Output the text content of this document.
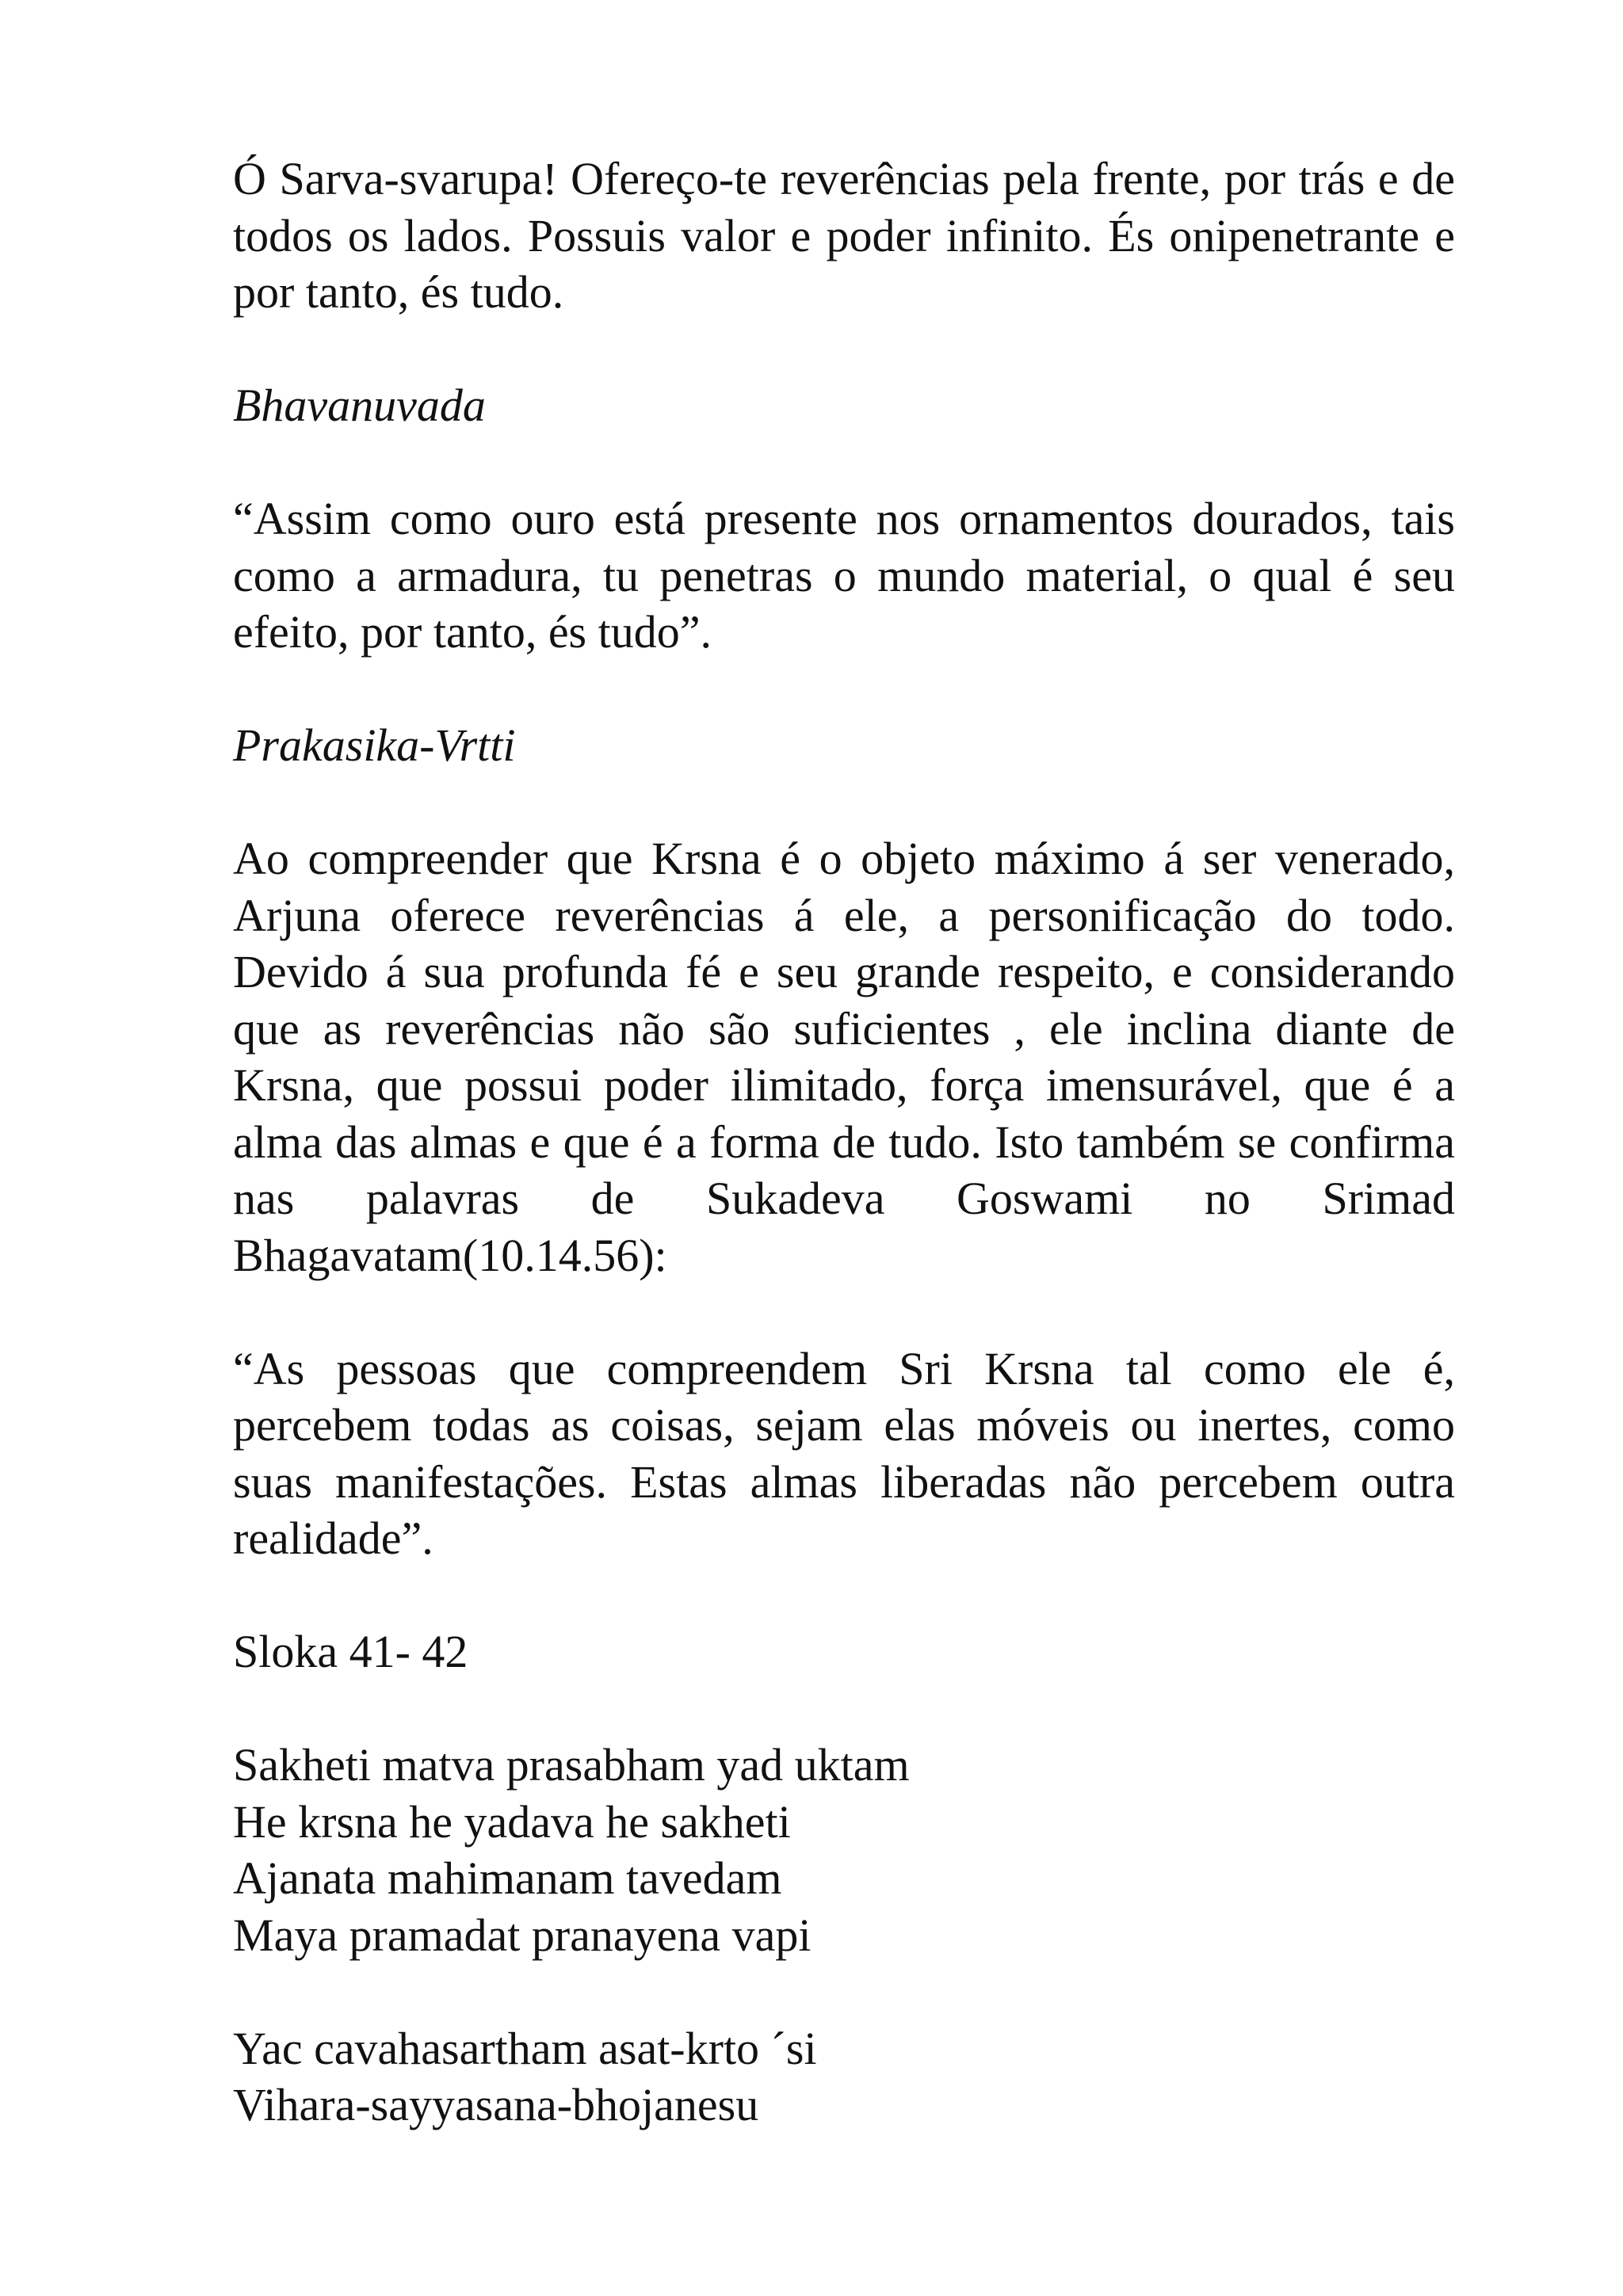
Ó Sarva-svarupa! Ofereço-te reverências pela frente, por trás e de todos os lados. Possuis valor e poder infinito. És onipenetrante e por tanto, és tudo.

Bhavanuvada

“Assim como ouro está presente nos ornamentos dourados, tais como a armadura, tu penetras o mundo material, o qual é seu efeito, por tanto, és tudo”.

Prakasika-Vrtti

Ao compreender que Krsna é o objeto máximo á ser venerado, Arjuna oferece reverências á ele, a personificação do todo. Devido á sua profunda fé e seu grande respeito, e considerando que as reverências não são suficientes , ele inclina diante de Krsna, que possui poder ilimitado, força imensurável, que é a alma das almas e que é a forma de tudo. Isto também se confirma nas palavras de Sukadeva Goswami no Srimad Bhagavatam(10.14.56):

“As pessoas que compreendem Sri Krsna tal como ele é, percebem todas as coisas, sejam elas móveis ou inertes, como suas manifestações. Estas almas liberadas não percebem outra realidade”.

Sloka 41- 42

Sakheti matva prasabham yad uktam
He krsna he yadava he sakheti
Ajanata mahimanam tavedam
Maya pramadat pranayena vapi
Yac cavahasartham asat-krto ´si
Vihara-sayyasana-bhojanesu
